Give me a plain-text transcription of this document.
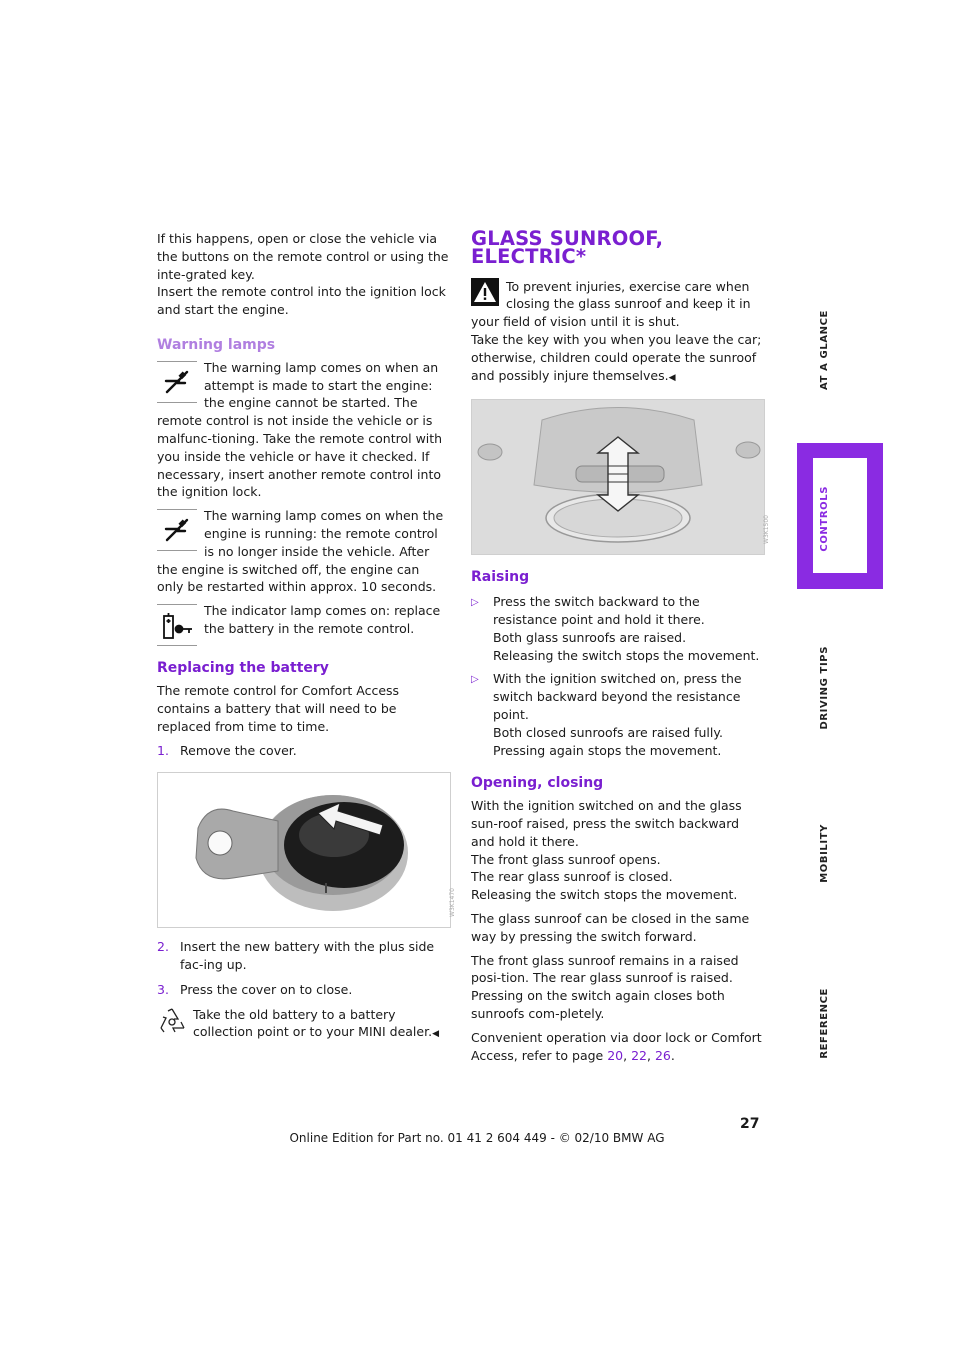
If this happens, open or close the vehicle via the buttons on the remote control or using the inte-grated key.

Insert the remote control into the ignition lock and start the engine.

Warning lamps

The warning lamp comes on when an attempt is made to start the engine: the engine cannot be started. The remote control is not inside the vehicle or is malfunc-tioning. Take the remote control with you inside the vehicle or have it checked. If necessary, insert another remote control into the ignition lock.

The warning lamp comes on when the engine is running: the remote control is no longer inside the vehicle. After the engine is switched off, the engine can only be restarted within approx. 10 seconds.

The indicator lamp comes on: replace the battery in the remote control.

Replacing the battery

The remote control for Comfort Access contains a battery that will need to be replaced from time to time.

1. Remove the cover.
W3K1470
2. Insert the new battery with the plus side fac-ing up.
3. Press the cover on to close.

Take the old battery to a battery collection point or to your MINI dealer.◀

GLASS SUNROOF, ELECTRIC*

To prevent injuries, exercise care when closing the glass sunroof and keep it in your field of vision until it is shut.

Take the key with you when you leave the car; otherwise, children could operate the sunroof and possibly injure themselves.◀

W3K1500
Raising
▷	Press the switch backward to the resistance point and hold it there.

Both glass sunroofs are raised.

Releasing the switch stops the movement.

▷	With the ignition switched on, press the switch backward beyond the resistance point.

Both closed sunroofs are raised fully.

Pressing again stops the movement.

Opening, closing

With the ignition switched on and the glass sun-roof raised, press the switch backward and hold it there.

The front glass sunroof opens.

The rear glass sunroof is closed.

Releasing the switch stops the movement.

The glass sunroof can be closed in the same way by pressing the switch forward.

The front glass sunroof remains in a raised posi-tion. The rear glass sunroof is raised. Pressing on the switch again closes both sunroofs com-pletely.

Convenient operation via door lock or Comfort Access, refer to page 20, 22, 26.

AT A GLANCE
CONTROLS
DRIVING TIPS
MOBILITY
REFERENCE
27
Online Edition for Part no. 01 41 2 604 449 - © 02/10 BMW AG
